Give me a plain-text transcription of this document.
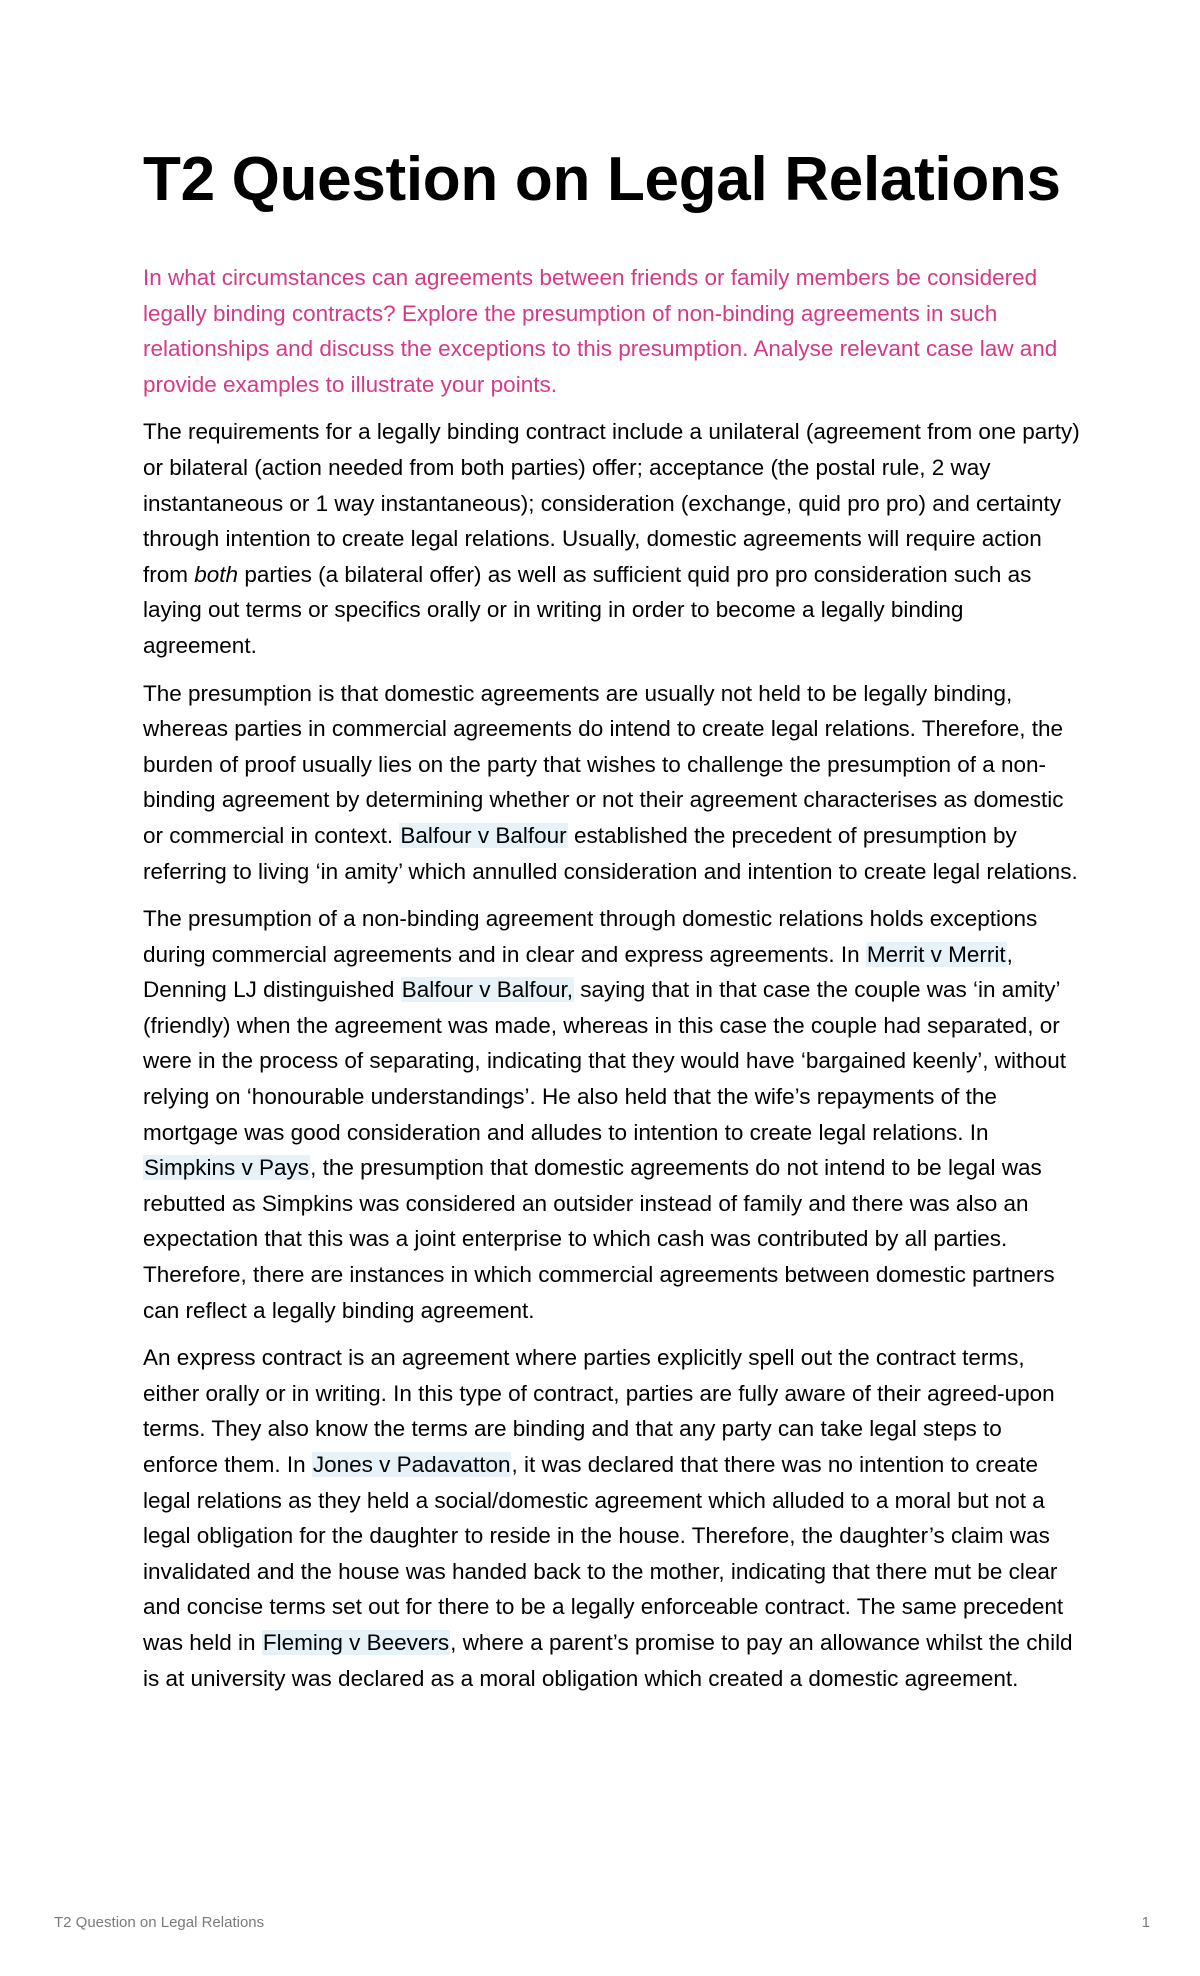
T2 Question on Legal Relations

In what circumstances can agreements between friends or family members be considered legally binding contracts? Explore the presumption of non-binding agreements in such relationships and discuss the exceptions to this presumption. Analyse relevant case law and provide examples to illustrate your points.

The requirements for a legally binding contract include a unilateral (agreement from one party) or bilateral (action needed from both parties) offer; acceptance (the postal rule, 2 way instantaneous or 1 way instantaneous); consideration (exchange, quid pro pro) and certainty through intention to create legal relations. Usually, domestic agreements will require action from both parties (a bilateral offer) as well as sufficient quid pro pro consideration such as laying out terms or specifics orally or in writing in order to become a legally binding agreement.

The presumption is that domestic agreements are usually not held to be legally binding, whereas parties in commercial agreements do intend to create legal relations. Therefore, the burden of proof usually lies on the party that wishes to challenge the presumption of a non-binding agreement by determining whether or not their agreement characterises as domestic or commercial in context. Balfour v Balfour established the precedent of presumption by referring to living ‘in amity’ which annulled consideration and intention to create legal relations.

The presumption of a non-binding agreement through domestic relations holds exceptions during commercial agreements and in clear and express agreements. In Merrit v Merrit, Denning LJ distinguished Balfour v Balfour, saying that in that case the couple was ‘in amity’ (friendly) when the agreement was made, whereas in this case the couple had separated, or were in the process of separating, indicating that they would have ‘bargained keenly’, without relying on ‘honourable understandings’. He also held that the wife’s repayments of the mortgage was good consideration and alludes to intention to create legal relations. In Simpkins v Pays, the presumption that domestic agreements do not intend to be legal was rebutted as Simpkins was considered an outsider instead of family and there was also an expectation that this was a joint enterprise to which cash was contributed by all parties. Therefore, there are instances in which commercial agreements between domestic partners can reflect a legally binding agreement.

An express contract is an agreement where parties explicitly spell out the contract terms, either orally or in writing. In this type of contract, parties are fully aware of their agreed-upon terms. They also know the terms are binding and that any party can take legal steps to enforce them. In Jones v Padavatton, it was declared that there was no intention to create legal relations as they held a social/domestic agreement which alluded to a moral but not a legal obligation for the daughter to reside in the house. Therefore, the daughter’s claim was invalidated and the house was handed back to the mother, indicating that there mut be clear and concise terms set out for there to be a legally enforceable contract. The same precedent was held in Fleming v Beevers, where a parent’s promise to pay an allowance whilst the child is at university was declared as a moral obligation which created a domestic agreement.

T2 Question on Legal Relations	1
